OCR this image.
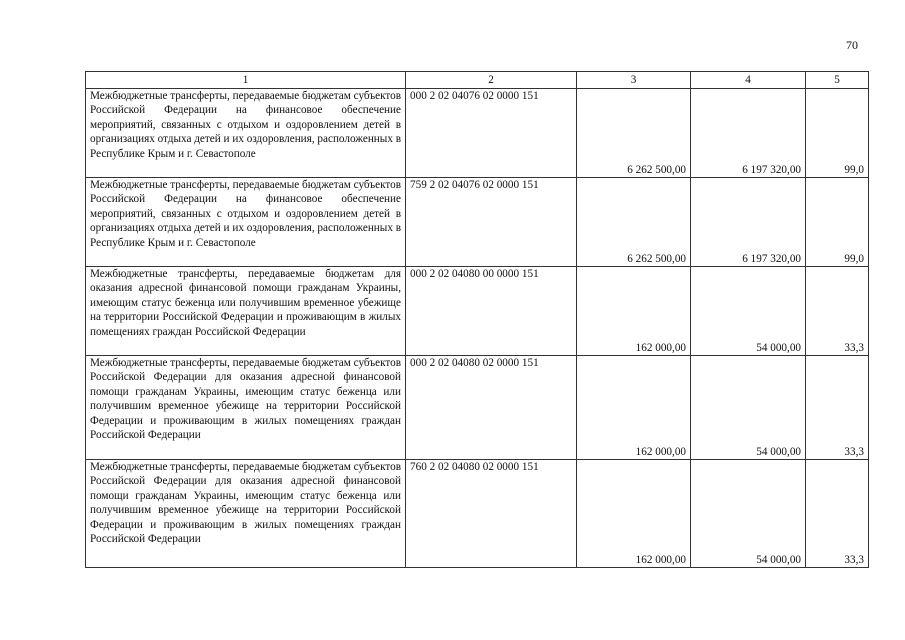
70
1	2	3	4	5
Межбюджетные трансферты, передаваемые бюджетам субъектов Российской Федерации на финансовое обеспечение мероприятий, связанных с отдыхом и оздоровлением детей в организациях отдыха детей и их оздоровления, расположенных в Республике Крым и г. Севастополе	000 2 02 04076 02 0000 151	6 262 500,00	6 197 320,00	99,0
Межбюджетные трансферты, передаваемые бюджетам субъектов Российской Федерации на финансовое обеспечение мероприятий, связанных с отдыхом и оздоровлением детей в организациях отдыха детей и их оздоровления, расположенных в Республике Крым и г. Севастополе	759 2 02 04076 02 0000 151	6 262 500,00	6 197 320,00	99,0
Межбюджетные трансферты, передаваемые бюджетам для оказания адресной финансовой помощи гражданам Украины, имеющим статус беженца или получившим временное убежище на территории Российской Федерации и проживающим в жилых помещениях граждан Российской Федерации	000 2 02 04080 00 0000 151	162 000,00	54 000,00	33,3
Межбюджетные трансферты, передаваемые бюджетам субъектов Российской Федерации для оказания адресной финансовой помощи гражданам Украины, имеющим статус беженца или получившим временное убежище на территории Российской Федерации и проживающим в жилых помещениях граждан Российской Федерации	000 2 02 04080 02 0000 151	162 000,00	54 000,00	33,3
Межбюджетные трансферты, передаваемые бюджетам субъектов Российской Федерации для оказания адресной финансовой помощи гражданам Украины, имеющим статус беженца или получившим временное убежище на территории Российской Федерации и проживающим в жилых помещениях граждан Российской Федерации	760 2 02 04080 02 0000 151	162 000,00	54 000,00	33,3
